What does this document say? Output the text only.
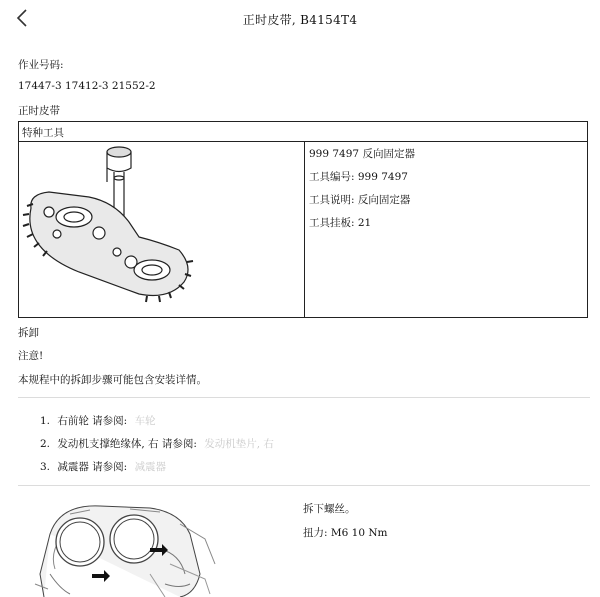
正时皮带, B4154T4
作业号码:
17447-3 17412-3 21552-2
正时皮带
特种工具
999 7497 反向固定器
工具编号: 999 7497
工具说明: 反向固定器
工具挂板: 21
拆卸
注意!
本规程中的拆卸步骤可能包含安装详情。
1. 右前轮 请参阅: 车轮
2. 发动机支撑绝缘体, 右 请参阅: 发动机垫片, 右
3. 减震器 请参阅: 减震器
拆下螺丝。
扭力: M6 10 Nm
